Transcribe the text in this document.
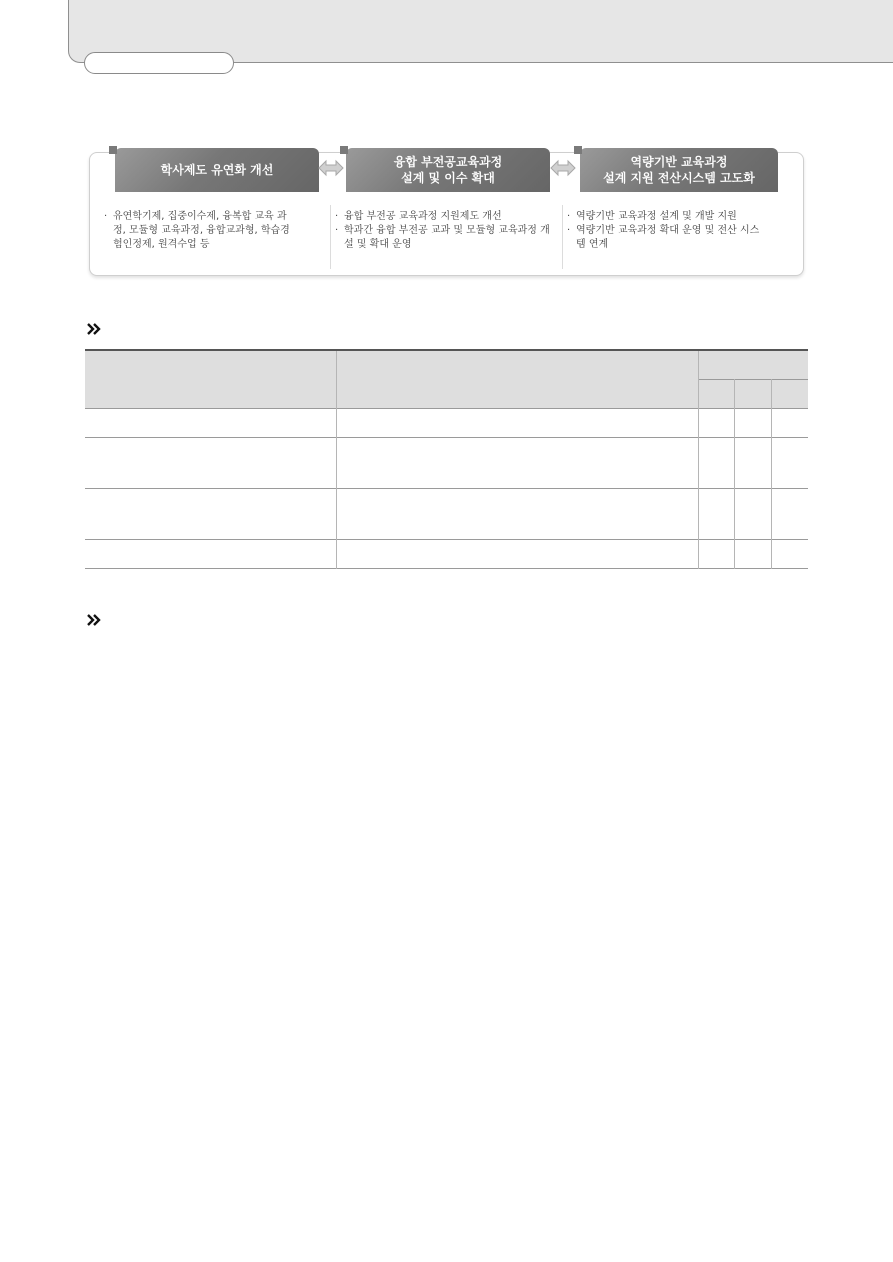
학사제도 유연화 개선
융합 부전공교육과정
설계 및 이수 확대
역량기반 교육과정
설계 지원 전산시스템 고도화
· 유연학기제, 집중이수제, 융복합 교육 과정, 모듈형 교육과정, 융합교과형, 학습경험인정제, 원격수업 등
· 융합 부전공 교육과정 지원제도 개선
· 학과간 융합 부전공 교과 및 모듈형 교육과정 개설 및 확대 운영
· 역량기반 교육과정 설계 및 개발 지원
· 역량기반 교육과정 확대 운영 및 전산 시스템 연계
